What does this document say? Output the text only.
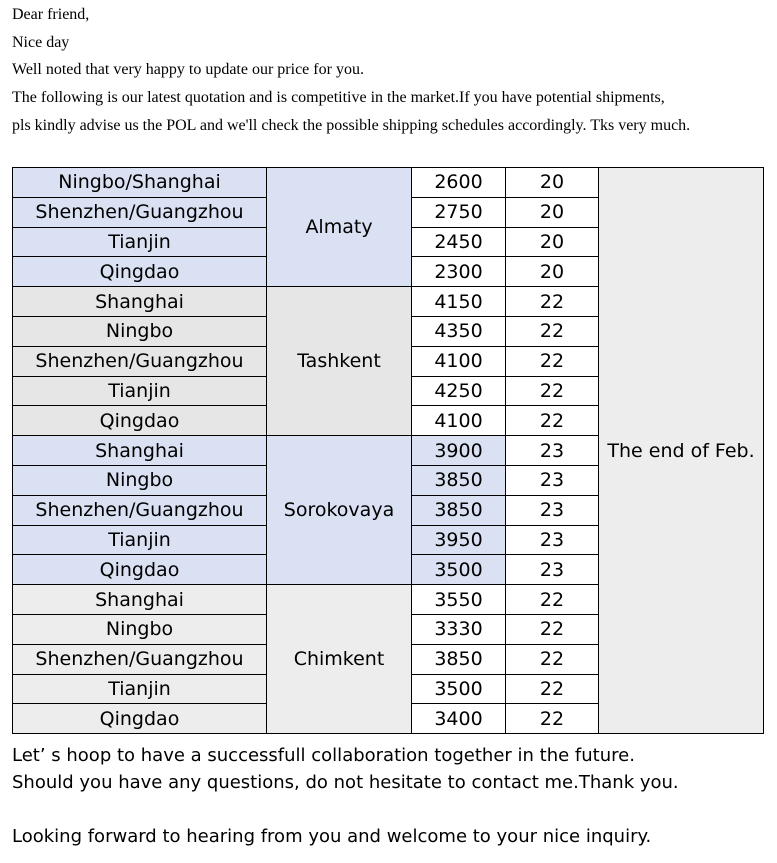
Dear friend,

Nice day

Well noted that very happy to update our price for you.

The following is our latest quotation and is competitive in the market.If you have potential shipments,

pls kindly advise us the POL and we'll check the possible shipping schedules accordingly. Tks very much.

Ningbo/Shanghai	Almaty	2600	20	The end of Feb.
Shenzhen/Guangzhou		2750	20	
Tianjin		2450	20	
Qingdao		2300	20	
Shanghai	Tashkent	4150	22	
Ningbo		4350	22	
Shenzhen/Guangzhou		4100	22	
Tianjin		4250	22	
Qingdao		4100	22	
Shanghai	Sorokovaya	3900	23	
Ningbo		3850	23	
Shenzhen/Guangzhou		3850	23	
Tianjin		3950	23	
Qingdao		3500	23	
Shanghai	Chimkent	3550	22	
Ningbo		3330	22	
Shenzhen/Guangzhou		3850	22	
Tianjin		3500	22	
Qingdao		3400	22	

Let’ s hoop to have a successfull collaboration together in the future.

Should you have any questions, do not hesitate to contact me.Thank you.

Looking forward to hearing from you and welcome to your nice inquiry.
